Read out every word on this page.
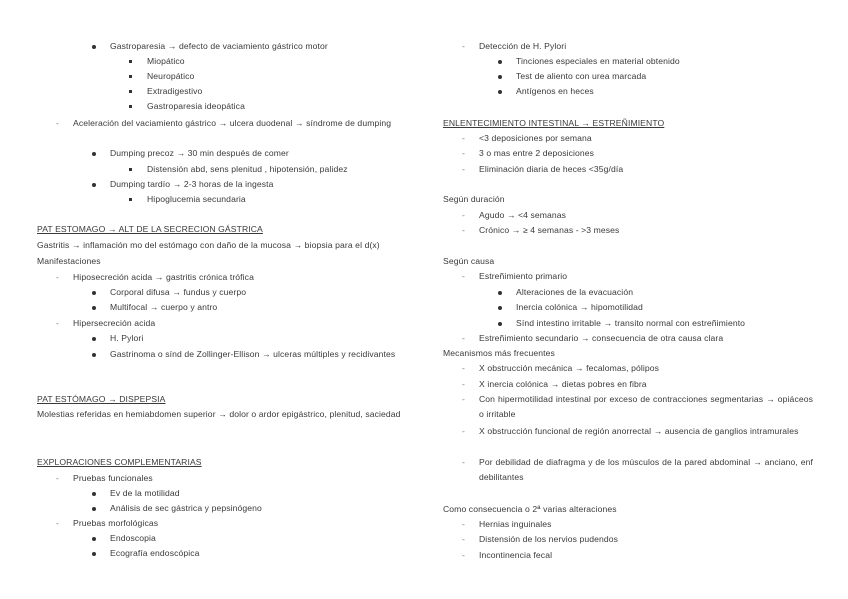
Gastroparesia → defecto de vaciamiento gástrico motor
Miopático
Neuropático
Extradigestivo
Gastroparesia ideopática
- Aceleración del vaciamiento gástrico → ulcera duodenal → síndrome de dumping
Dumping precoz → 30 min después de comer
Distensión abd, sens plenitud , hipotensión, palidez
Dumping tardío → 2-3 horas de la ingesta
Hipoglucemia secundaria
PAT ESTOMAGO → ALT DE LA SECRECION GÁSTRICA
Gastritis → inflamación mo del estómago con daño de la mucosa → biopsia para el d(x)
Manifestaciones
- Hiposecreción acida → gastritis crónica trófica
Corporal difusa → fundus y cuerpo
Multifocal → cuerpo y antro
- Hipersecreción acida
H. Pylori
Gastrinoma o sínd de Zollinger-Ellison → ulceras múltiples y recidivantes
PAT ESTÓMAGO → DISPEPSIA
Molestias referidas en hemiabdomen superior → dolor o ardor epigástrico, plenitud, saciedad
EXPLORACIONES COMPLEMENTARIAS
- Pruebas funcionales
Ev de la motilidad
Análisis de sec gástrica y pepsinógeno
- Pruebas morfológicas
Endoscopia
Ecografía endoscópica
- Detección de H. Pylori
Tinciones especiales en material obtenido
Test de aliento con urea marcada
Antígenos en heces
ENLENTECIMIENTO INTESTINAL → ESTREÑIMIENTO
- <3 deposiciones por semana
- 3 o mas entre 2 deposiciones
- Eliminación diaria de heces <35g/día
Según duración
- Agudo → <4 semanas
- Crónico → ≥ 4 semanas - >3 meses
Según causa
- Estreñimiento primario
Alteraciones de la evacuación
Inercia colónica → hipomotilidad
Sínd intestino irritable → transito normal con estreñimiento
- Estreñimiento secundario → consecuencia de otra causa clara
Mecanismos más frecuentes
- X obstrucción mecánica → fecalomas, pólipos
- X inercia colónica → dietas pobres en fibra
- Con hipermotilidad intestinal por exceso de contracciones segmentarias → opiáceos o irritable
- X obstrucción funcional de región anorrectal → ausencia de ganglios intramurales
- Por debilidad de diafragma y de los músculos de la pared abdominal → anciano, enf debilitantes
Como consecuencia o 2ª varias alteraciones
- Hernias inguinales
- Distensión de los nervios pudendos
- Incontinencia fecal
